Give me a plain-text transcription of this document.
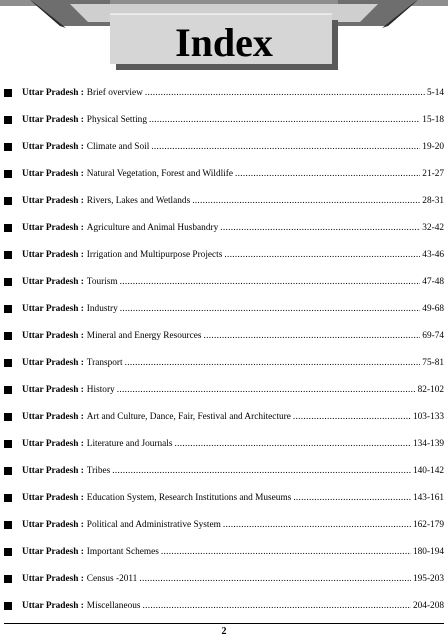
Index
Uttar Pradesh : Brief overview .....	5-14
Uttar Pradesh : Physical Setting .....	15-18
Uttar Pradesh : Climate and Soil .....	19-20
Uttar Pradesh : Natural Vegetation, Forest and Wildlife .....	21-27
Uttar Pradesh : Rivers, Lakes and Wetlands .....	28-31
Uttar Pradesh : Agriculture and Animal Husbandry .....	32-42
Uttar Pradesh : Irrigation and Multipurpose Projects .....	43-46
Uttar Pradesh : Tourism .....	47-48
Uttar Pradesh : Industry .....	49-68
Uttar Pradesh : Mineral and Energy Resources .....	69-74
Uttar Pradesh : Transport .....	75-81
Uttar Pradesh : History .....	82-102
Uttar Pradesh : Art and Culture, Dance, Fair, Festival and Architecture .....	103-133
Uttar Pradesh : Literature and Journals .....	134-139
Uttar Pradesh : Tribes .....	140-142
Uttar Pradesh : Education System, Research Institutions and Museums .....	143-161
Uttar Pradesh : Political and Administrative System .....	162-179
Uttar Pradesh : Important Schemes .....	180-194
Uttar Pradesh : Census -2011 .....	195-203
Uttar Pradesh : Miscellaneous .....	204-208
2
